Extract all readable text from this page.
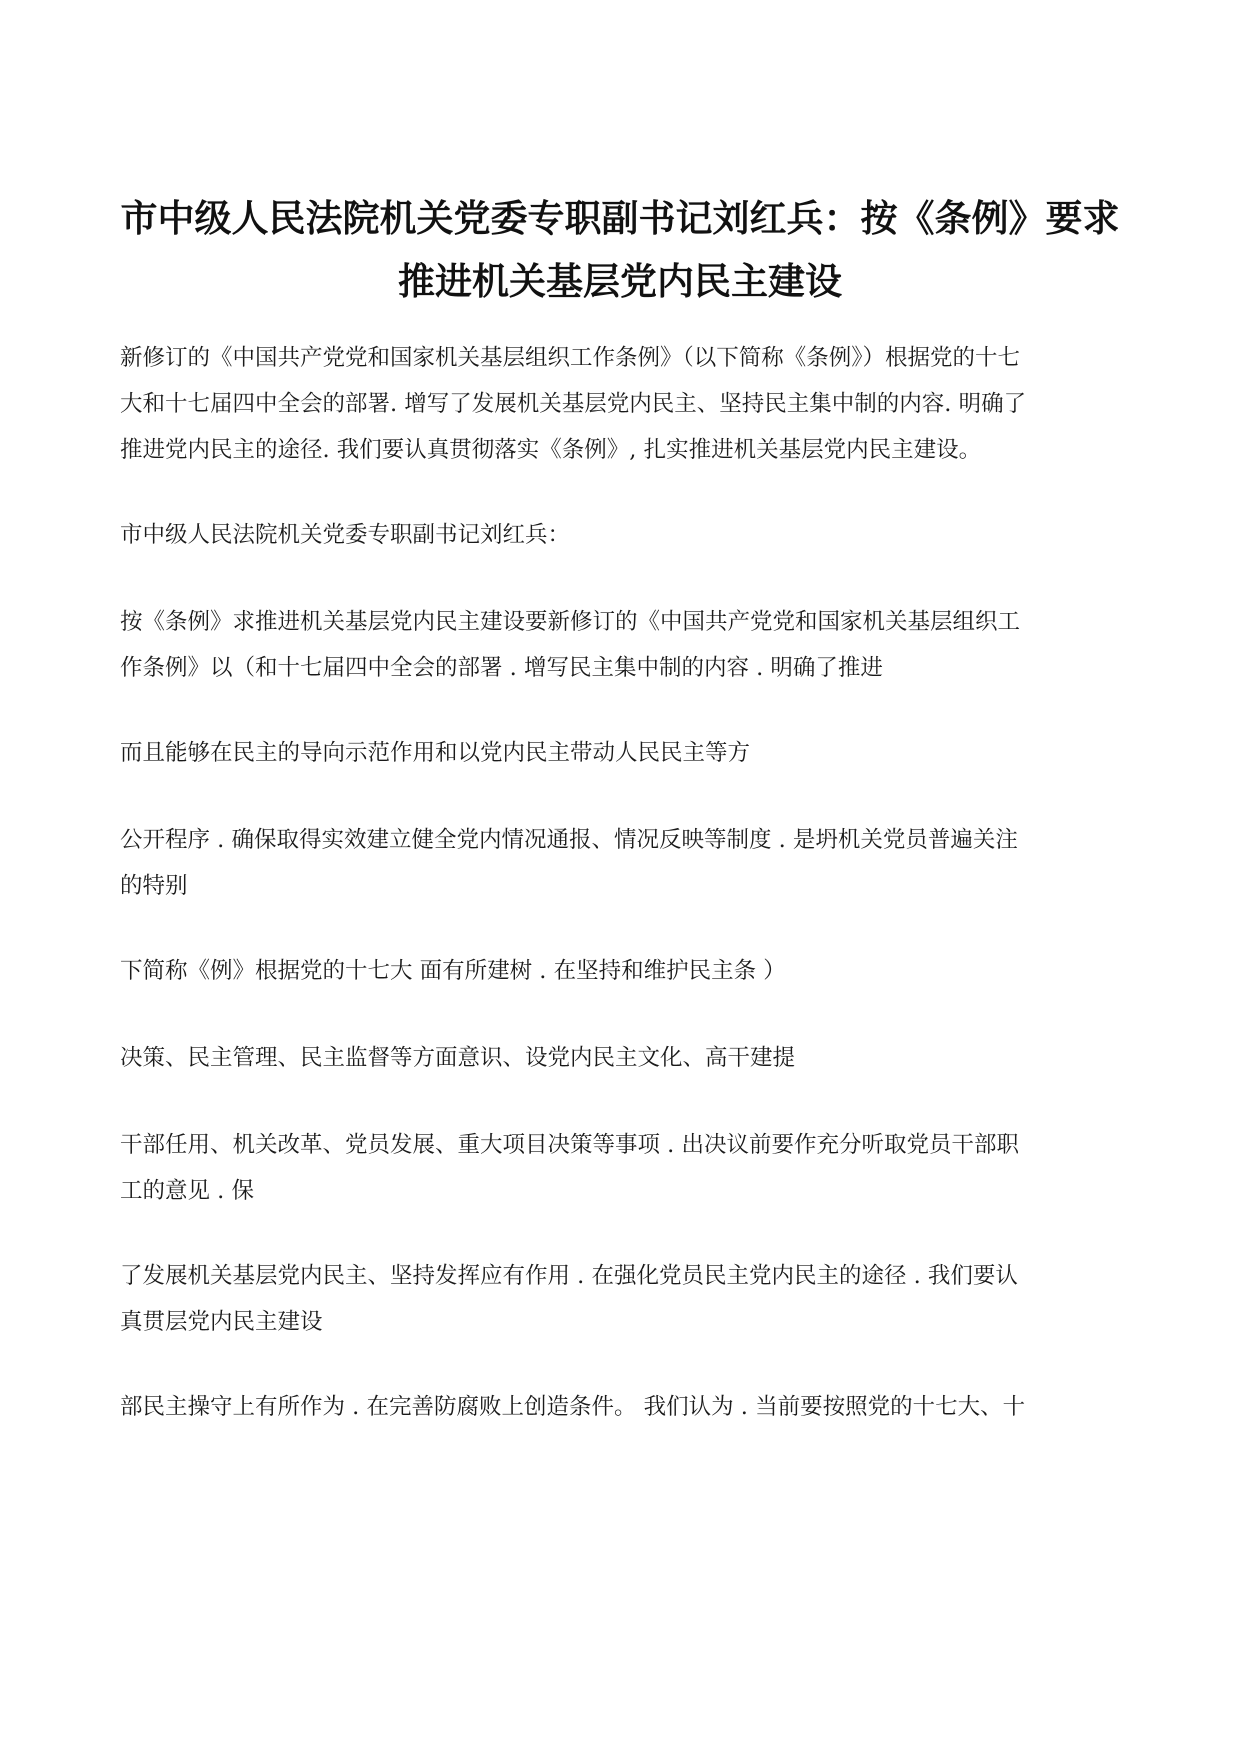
市中级人民法院机关党委专职副书记刘红兵：按《条例》要求
推进机关基层党内民主建设

新修订的《中国共产党党和国家机关基层组织工作条例》（以下简称《条例》）根据党的十七
大和十七届四中全会的部署. 增写了发展机关基层党内民主、坚持民主集中制的内容. 明确了
推进党内民主的途径. 我们要认真贯彻落实《条例》, 扎实推进机关基层党内民主建设。

市中级人民法院机关党委专职副书记刘红兵：

按《条例》求推进机关基层党内民主建设要新修订的《中国共产党党和国家机关基层组织工
作条例》以（和十七届四中全会的部署 . 增写民主集中制的内容 . 明确了推进

而且能够在民主的导向示范作用和以党内民主带动人民民主等方

公开程序 . 确保取得实效建立健全党内情况通报、情况反映等制度 . 是坍机关党员普遍关注
的特别

下简称《例》根据党的十七大 面有所建树 . 在坚持和维护民主条 ）

决策、民主管理、民主监督等方面意识、设党内民主文化、高干建提

干部任用、机关改革、党员发展、重大项目决策等事项 . 出决议前要作充分听取党员干部职
工的意见 . 保

了发展机关基层党内民主、坚持发挥应有作用 . 在强化党员民主党内民主的途径 . 我们要认
真贯层党内民主建设

部民主操守上有所作为 . 在完善防腐败上创造条件。 我们认为 . 当前要按照党的十七大、十
